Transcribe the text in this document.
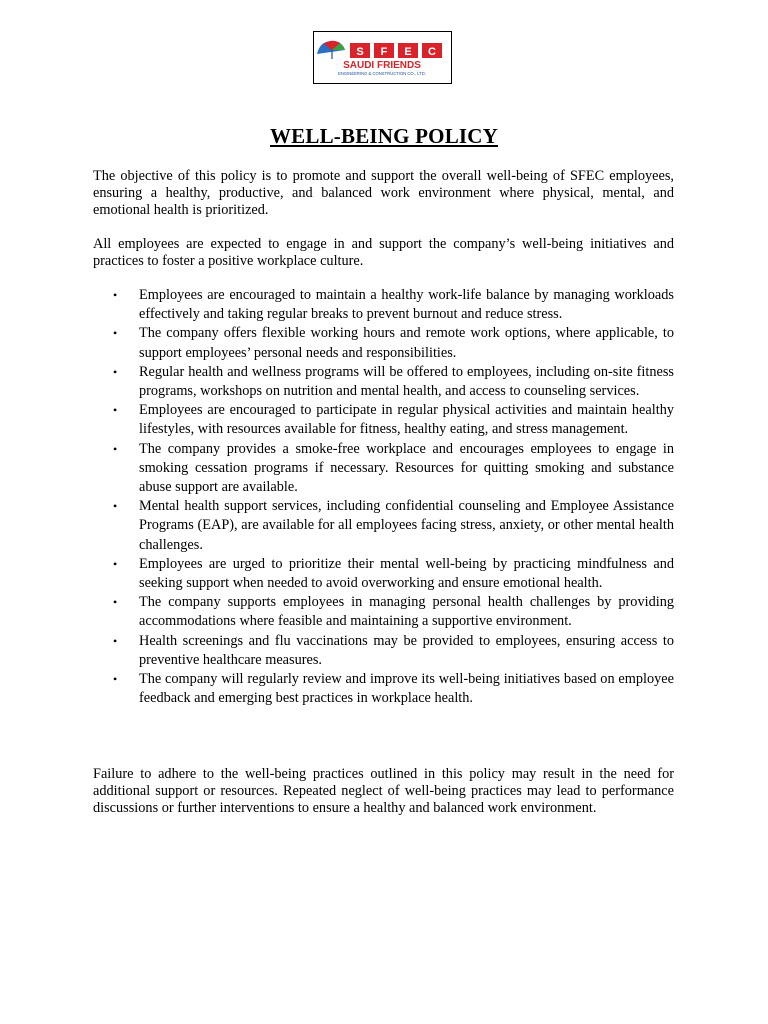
S F E C
SAUDI FRIENDS
ENGINEERING & CONSTRUCTION CO., LTD.
WELL-BEING POLICY

The objective of this policy is to promote and support the overall well-being of SFEC employees, ensuring a healthy, productive, and balanced work environment where physical, mental, and emotional health is prioritized.

All employees are expected to engage in and support the company’s well-being initiatives and practices to foster a positive workplace culture.

• Employees are encouraged to maintain a healthy work-life balance by managing workloads effectively and taking regular breaks to prevent burnout and reduce stress.
• The company offers flexible working hours and remote work options, where applicable, to support employees’ personal needs and responsibilities.
• Regular health and wellness programs will be offered to employees, including on-site fitness programs, workshops on nutrition and mental health, and access to counseling services.
• Employees are encouraged to participate in regular physical activities and maintain healthy lifestyles, with resources available for fitness, healthy eating, and stress management.
• The company provides a smoke-free workplace and encourages employees to engage in smoking cessation programs if necessary. Resources for quitting smoking and substance abuse support are available.
• Mental health support services, including confidential counseling and Employee Assistance Programs (EAP), are available for all employees facing stress, anxiety, or other mental health challenges.
• Employees are urged to prioritize their mental well-being by practicing mindfulness and seeking support when needed to avoid overworking and ensure emotional health.
• The company supports employees in managing personal health challenges by providing accommodations where feasible and maintaining a supportive environment.
• Health screenings and flu vaccinations may be provided to employees, ensuring access to preventive healthcare measures.
• The company will regularly review and improve its well-being initiatives based on employee feedback and emerging best practices in workplace health.

Failure to adhere to the well-being practices outlined in this policy may result in the need for additional support or resources. Repeated neglect of well-being practices may lead to performance discussions or further interventions to ensure a healthy and balanced work environment.
